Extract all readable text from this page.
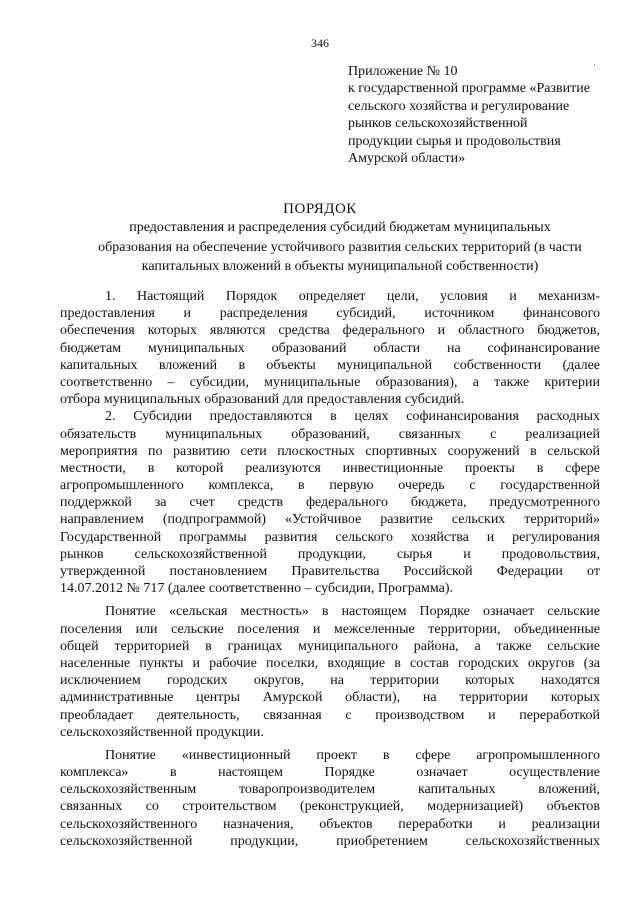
346
·
Приложение № 10
к государственной программе «Развитие
сельского хозяйства и регулирование
рынков сельскохозяйственной
продукции сырья и продовольствия
Амурской области»
ПОРЯДОК
предоставления и распределения субсидий бюджетам муниципальных
образования на обеспечение устойчивого развития сельских территорий (в части
капитальных вложений в объекты муниципальной собственности)
1. Настоящий Порядок определяет цели, условия и механизм-
предоставления и распределения субсидий, источником финансового
обеспечения которых являются средства федерального и областного бюджетов,
бюджетам муниципальных образований области на софинансирование
капитальных вложений в объекты муниципальной собственности (далее
соответственно – субсидии, муниципальные образования), а также критерии
отбора муниципальных образований для предоставления субсидий.
2. Субсидии предоставляются в целях софинансирования расходных
обязательств муниципальных образований, связанных с реализацией
мероприятия по развитию сети плоскостных спортивных сооружений в сельской
местности, в которой реализуются инвестиционные проекты в сфере
агропромышленного комплекса, в первую очередь с государственной
поддержкой за счет средств федерального бюджета, предусмотренного
направлением (подпрограммой) «Устойчивое развитие сельских территорий»
Государственной программы развития сельского хозяйства и регулирования
рынков сельскохозяйственной продукции, сырья и продовольствия,
утвержденной постановлением Правительства Российской Федерации от
14.07.2012 № 717 (далее соответственно – субсидии, Программа).
Понятие «сельская местность» в настоящем Порядке означает сельские
поселения или сельские поселения и межселенные территории, объединенные
общей территорией в границах муниципального района, а также сельские
населенные пункты и рабочие поселки, входящие в состав городских округов (за
исключением городских округов, на территории которых находятся
административные центры Амурской области), на территории которых
преобладает деятельность, связанная с производством и переработкой
сельскохозяйственной продукции.
Понятие «инвестиционный проект в сфере агропромышленного
комплекса» в настоящем Порядке означает осуществление
сельскохозяйственным товаропроизводителем капитальных вложений,
связанных со строительством (реконструкцией, модернизацией) объектов
сельскохозяйственного назначения, объектов переработки и реализации
сельскохозяйственной продукции, приобретением сельскохозяйственных
